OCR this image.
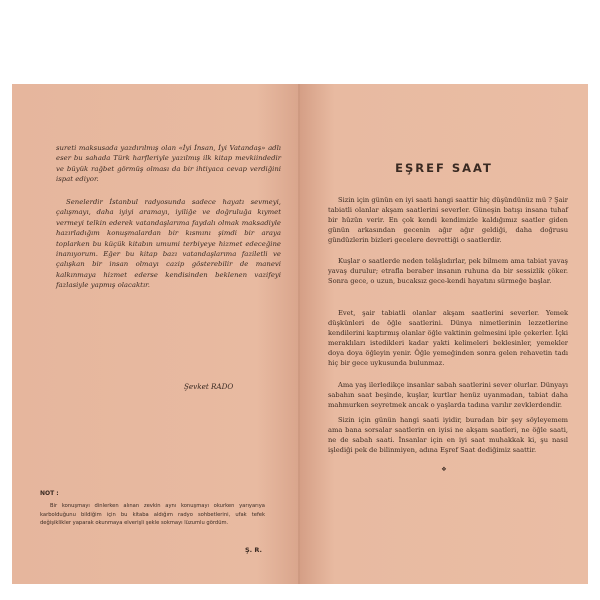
sureti maksusada yazdırılmış olan «İyi İnsan, İyi Vatandaş» adlı eser bu sahada Türk harfleriyle yazılmış ilk kitap mevkiindedir ve büyük rağbet görmüş olması da bir ihtiyaca cevap verdiğini ispat ediyor.
Senelerdir İstanbul radyosunda sadece hayatı sevmeyi, çalışmayı, daha iyiyi aramayı, iyiliğe ve doğruluğa kıymet vermeyi telkin ederek vatandaşlarıma faydalı olmak maksadiyle hazırladığım konuşmalardan bir kısmını şimdi bir araya toplarken bu küçük kitabın umumi terbiyeye hizmet edeceğine inanıyorum. Eğer bu kitap bazı vatandaşlarıma faziletli ve çalışkan bir insan olmayı cazip gösterebilir de manevi kalkınmaya hizmet ederse kendisinden beklenen vazifeyi fazlasiyle yapmış olacaktır.
Şevket RADO
NOT :
Bir konuşmayı dinlerken alınan zevkin aynı konuşmayı okurken yarıyarıya karbolduğunu bildiğim için bu kitaba aldığım radyo sohbetlerini, ufak tefek değişiklikler yaparak okunmaya elverişli şekle sokmayı lüzumlu gördüm.
Ş. R.
EŞREF SAAT
Sizin için günün en iyi saati hangi saattir hiç düşündünüz mü ? Şair tabiatli olanlar akşam saatlerini severler. Güneşin batışı insana tuhaf bir hüzün verir. En çok kendi kendimizle kaldığımız saatler giden günün arkasından gecenin ağır ağır geldiği, daha doğrusu gündüzlerin bizleri gecelere devrettiği o saatlerdir.
Kuşlar o saatlerde neden telâşlıdırlar, pek bilmem ama tabiat yavaş yavaş durulur; etrafla beraber insanın ruhuna da bir sessizlik çöker. Sonra gece, o uzun, bucaksız gece-kendi hayatını sürmeğe başlar.
Evet, şair tabiatli olanlar akşam saatlerini severler. Yemek düşkünleri de öğle saatlerini. Dünya nimetlerinin lezzetlerine kendilerini kaptırmış olanlar öğle vaktinin gelmesini iple çekerler. İçki meraklıları istedikleri kadar yakti kelimeleri beklesinler, yemekler doya doya öğleyin yenir. Öğle yemeğinden sonra gelen rehavetin tadı hiç bir gece uykusunda bulunmaz.
Ama yaş ilerledikçe insanlar sabah saatlerini sever olurlar. Dünyayı sabahın saat beşinde, kuşlar, kurtlar henüz uyanmadan, tabiat daha mahmurken seyretmek ancak o yaşlarda tadına varılır zevklerdendir.
Sizin için günün hangi saati iyidir, buradan bir şey söyleyemem ama bana sorsalar saatlerin en iyisi ne akşam saatleri, ne öğle saati, ne de sabah saati. İnsanlar için en iyi saat muhakkak ki, şu nasıl işlediği pek de bilinmiyen, adına Eşref Saat dediğimiz saattir.
❖
